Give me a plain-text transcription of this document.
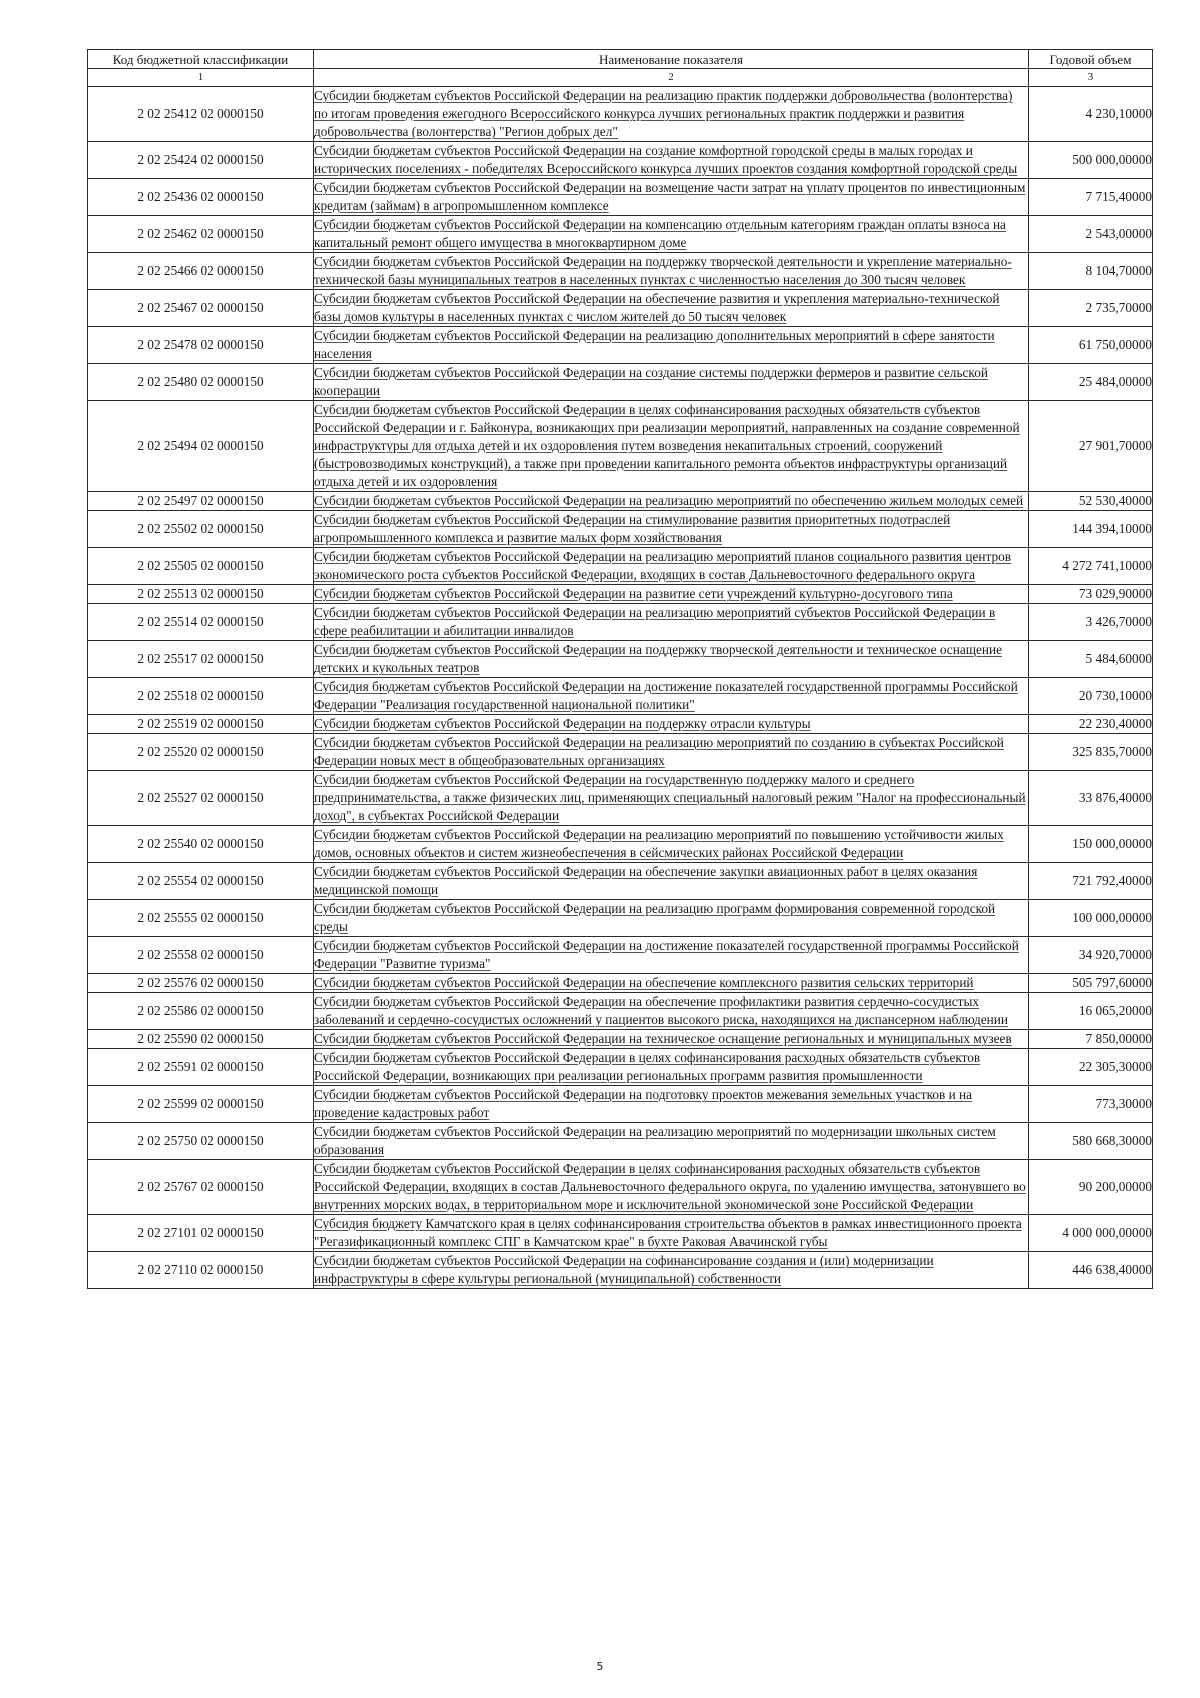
Код бюджетной классификации	Наименование показателя	Годовой объем
1	2	3
2 02 25412 02 0000150	Субсидии бюджетам субъектов Российской Федерации на реализацию практик поддержки добровольчества (волонтерства) по итогам проведения ежегодного Всероссийского конкурса лучших региональных практик поддержки и развития добровольчества (волонтерства) "Регион добрых дел"	4 230,10000
2 02 25424 02 0000150	Субсидии бюджетам субъектов Российской Федерации на создание комфортной городской среды в малых городах и исторических поселениях - победителях Всероссийского конкурса лучших проектов создания комфортной городской среды	500 000,00000
2 02 25436 02 0000150	Субсидии бюджетам субъектов Российской Федерации на возмещение части затрат на уплату процентов по инвестиционным кредитам (займам) в агропромышленном комплексе	7 715,40000
2 02 25462 02 0000150	Субсидии бюджетам субъектов Российской Федерации на компенсацию отдельным категориям граждан оплаты взноса на капитальный ремонт общего имущества в многоквартирном доме	2 543,00000
2 02 25466 02 0000150	Субсидии бюджетам субъектов Российской Федерации на поддержку творческой деятельности и укрепление материально-технической базы муниципальных театров в населенных пунктах с численностью населения до 300 тысяч человек	8 104,70000
2 02 25467 02 0000150	Субсидии бюджетам субъектов Российской Федерации на обеспечение развития и укрепления материально-технической базы домов культуры в населенных пунктах с числом жителей до 50 тысяч человек	2 735,70000
2 02 25478 02 0000150	Субсидии бюджетам субъектов Российской Федерации на реализацию дополнительных мероприятий в сфере занятости населения	61 750,00000
2 02 25480 02 0000150	Субсидии бюджетам субъектов Российской Федерации на создание системы поддержки фермеров и развитие сельской кооперации	25 484,00000
2 02 25494 02 0000150	Субсидии бюджетам субъектов Российской Федерации в целях софинансирования расходных обязательств субъектов Российской Федерации и г. Байконура, возникающих при реализации мероприятий, направленных на создание современной инфраструктуры для отдыха детей и их оздоровления путем возведения некапитальных строений, сооружений (быстровозводимых конструкций), а также при проведении капитального ремонта объектов инфраструктуры организаций отдыха детей и их оздоровления	27 901,70000
2 02 25497 02 0000150	Субсидии бюджетам субъектов Российской Федерации на реализацию мероприятий по обеспечению жильем молодых семей	52 530,40000
2 02 25502 02 0000150	Субсидии бюджетам субъектов Российской Федерации на стимулирование развития приоритетных подотраслей агропромышленного комплекса и развитие малых форм хозяйствования	144 394,10000
2 02 25505 02 0000150	Субсидии бюджетам субъектов Российской Федерации на реализацию мероприятий планов социального развития центров экономического роста субъектов Российской Федерации, входящих в состав Дальневосточного федерального округа	4 272 741,10000
2 02 25513 02 0000150	Субсидии бюджетам субъектов Российской Федерации на развитие сети учреждений культурно-досугового типа	73 029,90000
2 02 25514 02 0000150	Субсидии бюджетам субъектов Российской Федерации на реализацию мероприятий субъектов Российской Федерации в сфере реабилитации и абилитации инвалидов	3 426,70000
2 02 25517 02 0000150	Субсидии бюджетам субъектов Российской Федерации на поддержку творческой деятельности и техническое оснащение детских и кукольных театров	5 484,60000
2 02 25518 02 0000150	Субсидия бюджетам субъектов Российской Федерации на достижение показателей государственной программы Российской Федерации "Реализация государственной национальной политики"	20 730,10000
2 02 25519 02 0000150	Субсидии бюджетам субъектов Российской Федерации на поддержку отрасли культуры	22 230,40000
2 02 25520 02 0000150	Субсидии бюджетам субъектов Российской Федерации на реализацию мероприятий по созданию в субъектах Российской Федерации новых мест в общеобразовательных организациях	325 835,70000
2 02 25527 02 0000150	Субсидии бюджетам субъектов Российской Федерации на государственную поддержку малого и среднего предпринимательства, а также физических лиц, применяющих специальный налоговый режим "Налог на профессиональный доход", в субъектах Российской Федерации	33 876,40000
2 02 25540 02 0000150	Субсидии бюджетам субъектов Российской Федерации на реализацию мероприятий по повышению устойчивости жилых домов, основных объектов и систем жизнеобеспечения в сейсмических районах Российской Федерации	150 000,00000
2 02 25554 02 0000150	Субсидии бюджетам субъектов Российской Федерации на обеспечение закупки авиационных работ в целях оказания медицинской помощи	721 792,40000
2 02 25555 02 0000150	Субсидии бюджетам субъектов Российской Федерации на реализацию программ формирования современной городской среды	100 000,00000
2 02 25558 02 0000150	Субсидии бюджетам субъектов Российской Федерации на достижение показателей государственной программы Российской Федерации "Развитие туризма"	34 920,70000
2 02 25576 02 0000150	Субсидии бюджетам субъектов Российской Федерации на обеспечение комплексного развития сельских территорий	505 797,60000
2 02 25586 02 0000150	Субсидии бюджетам субъектов Российской Федерации на обеспечение профилактики развития сердечно-сосудистых заболеваний и сердечно-сосудистых осложнений у пациентов высокого риска, находящихся на диспансерном наблюдении	16 065,20000
2 02 25590 02 0000150	Субсидии бюджетам субъектов Российской Федерации на техническое оснащение региональных и муниципальных музеев	7 850,00000
2 02 25591 02 0000150	Субсидии бюджетам субъектов Российской Федерации в целях софинансирования расходных обязательств субъектов Российской Федерации, возникающих при реализации региональных программ развития промышленности	22 305,30000
2 02 25599 02 0000150	Субсидии бюджетам субъектов Российской Федерации на подготовку проектов межевания земельных участков и на проведение кадастровых работ	773,30000
2 02 25750 02 0000150	Субсидии бюджетам субъектов Российской Федерации на реализацию мероприятий по модернизации школьных систем образования	580 668,30000
2 02 25767 02 0000150	Субсидии бюджетам субъектов Российской Федерации в целях софинансирования расходных обязательств субъектов Российской Федерации, входящих в состав Дальневосточного федерального округа, по удалению имущества, затонувшего во внутренних морских водах, в территориальном море и исключительной экономической зоне Российской Федерации	90 200,00000
2 02 27101 02 0000150	Субсидия бюджету Камчатского края в целях софинансирования строительства объектов в рамках инвестиционного проекта "Регазификационный комплекс СПГ в Камчатском крае" в бухте Раковая Авачинской губы	4 000 000,00000
2 02 27110 02 0000150	Субсидии бюджетам субъектов Российской Федерации на софинансирование создания и (или) модернизации инфраструктуры в сфере культуры региональной (муниципальной) собственности	446 638,40000
5
